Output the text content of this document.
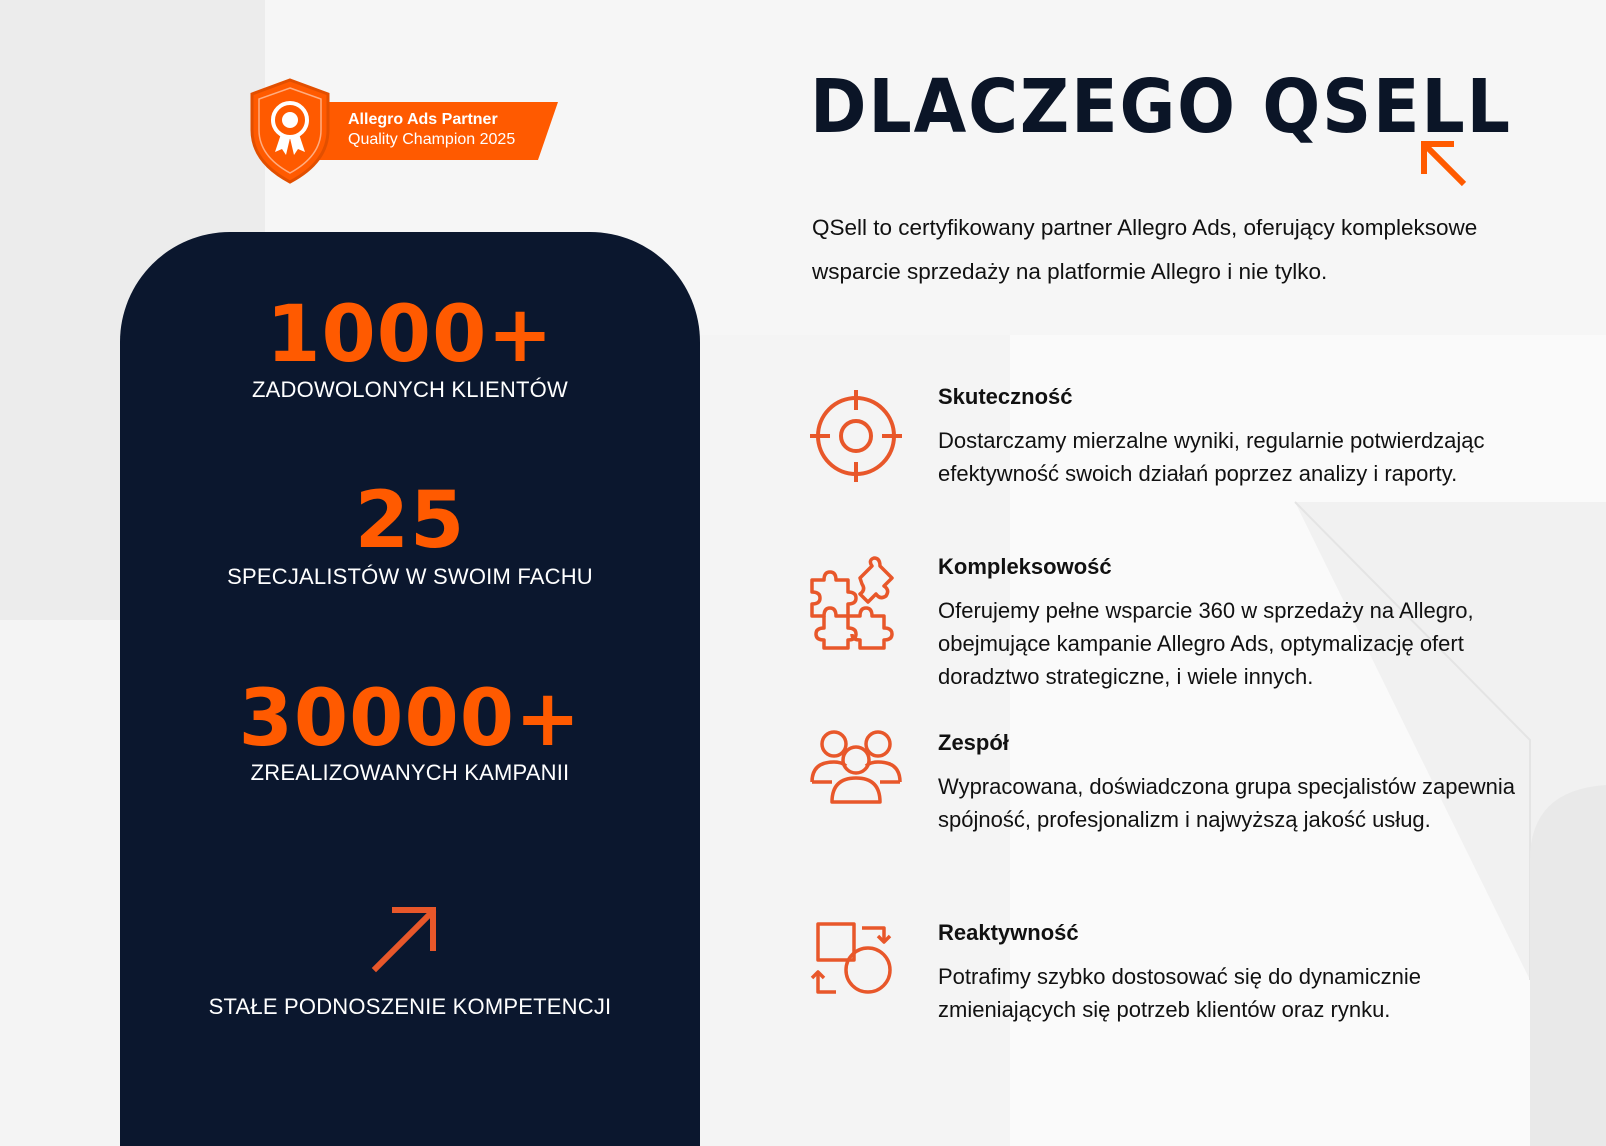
Allegro Ads Partner
Quality Champion 2025
1000+
ZADOWOLONYCH KLIENTÓW
25
SPECJALISTÓW W SWOIM FACHU
30000+
ZREALIZOWANYCH KAMPANII
STAŁE PODNOSZENIE KOMPETENCJI
DLACZEGO QSELL

QSell to certyfikowany partner Allegro Ads, oferujący kompleksowe wsparcie sprzedaży na platformie Allegro i nie tylko.

Skuteczność

Dostarczamy mierzalne wyniki, regularnie potwierdzając efektywność swoich działań poprzez analizy i raporty.

Kompleksowość

Oferujemy pełne wsparcie 360 w sprzedaży na Allegro, obejmujące kampanie Allegro Ads, optymalizację ofert doradztwo strategiczne, i wiele innych.

Zespół

Wypracowana, doświadczona grupa specjalistów zapewnia spójność, profesjonalizm i najwyższą jakość usług.

Reaktywność

Potrafimy szybko dostosować się do dynamicznie zmieniających się potrzeb klientów oraz rynku.
